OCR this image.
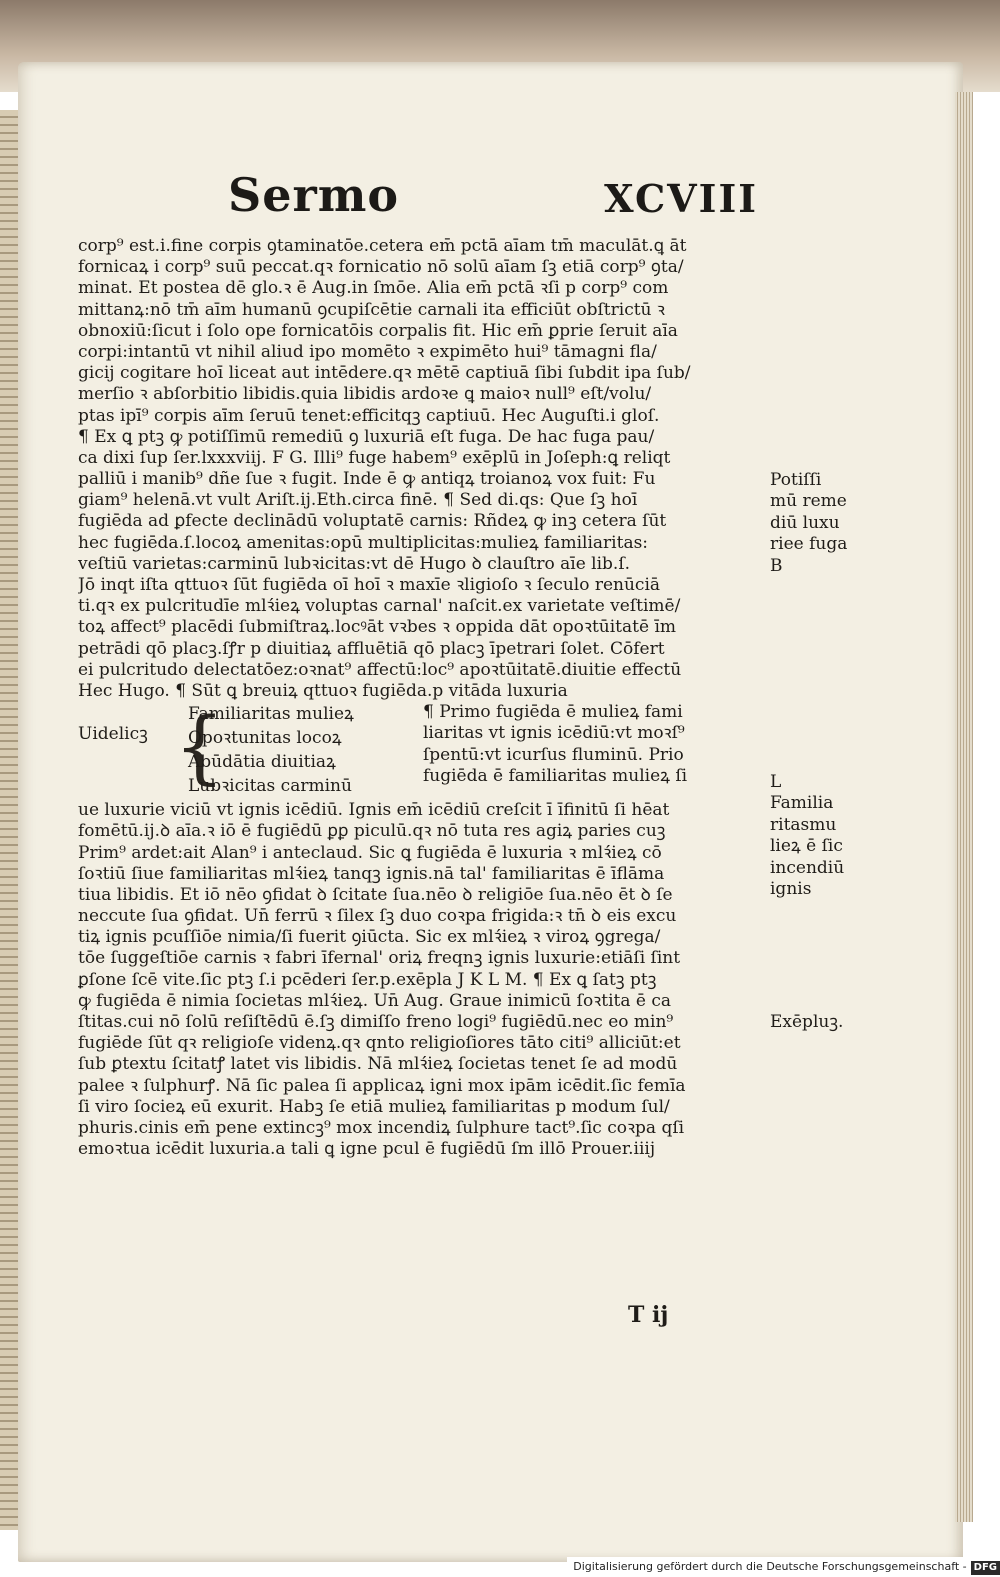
Sermo	XCVIII
corp⁹ est.i.fine corpis ꝯtaminatōe.cetera em̄ pctā aīam tm̄ maculāt.ꝗ āt
fornicaꝝ i corp⁹ suū peccat.qꝛ fornicatio nō solū aīam ſꝫ etiā corp⁹ ꝯta/
minat. Et postea dē glo.ꝛ ē Aug.in ſmōe. Alia em̄ pctā ꝛſi p corp⁹ com
mittanꝝ:nō tm̄ aīm humanū ꝯcupiſcētie carnali ita efficiūt obſtrictū ꝛ
obnoxiū:ſicut i ſolo ope fornicatōis corpalis fit. Hic em̄ ꝑprie ſeruit aīa
corpi:intantū vt nihil aliud ipo momēto ꝛ expimēto hui⁹ tāmagni fla/
gicij cogitare hoī liceat aut intēdere.qꝛ mētē captiuā ſibi ſubdit ipa ſub/
merſio ꝛ abſorbitio libidis.quia libidis ardoꝛe ꝗ maioꝛ null⁹ eſt/volu/
ptas ipī⁹ corpis aīm ſeruū tenet:efficitqꝫ captiuū. Hec Auguſti.i gloſ.
¶ Ex ꝗ ptꝫ ꝙ potiſſimū remediū ꝯ luxuriā eſt fuga. De hac fuga pau/
ca dixi ſup ſer.lxxxviij. F G. Illi⁹ fuge habem⁹ exēplū in Joſeph:ꝗ reliqt
palliū i manib⁹ dñe ſue ꝛ fugit. Inde ē ꝙ antiqꝝ troianoꝝ vox fuit: Fu
giam⁹ helenā.vt vult Ariſt.ij.Eth.circa finē. ¶ Sed di.qs: Que ſꝫ hoī
fugiēda ad ꝑfecte declinādū voluptatē carnis: Rñdeꝝ ꝙ inꝫ cetera ſūt
hec fugiēda.ſ.locoꝝ amenitas:opū multiplicitas:mulieꝝ familiaritas:
veſtiū varietas:carminū lubꝛicitas:vt dē Hugo ꝺ clauſtro aīe lib.ſ.
Jō inqt iſta qttuoꝛ ſūt fugiēda oī hoī ꝛ maxīe ꝛligioſo ꝛ ſeculo renūciā
ti.qꝛ ex pulcritudīe mlꝛ́ieꝝ voluptas carnal' naſcit.ex varietate veſtimē/
toꝝ affect⁹ placēdi ſubmiſtraꝝ.locꝰāt vꝛbes ꝛ oppida dāt opoꝛtūitatē īm
petrādi qō placꝫ.ſꝭr p diuitiaꝝ affluētiā qō placꝫ īpetrari ſolet. Cōfert
ei pulcritudo delectatōez:oꝛnat⁹ affectū:loc⁹ apoꝛtūitatē.diuitie effectū
Hec Hugo. ¶ Sūt ꝗ breuiꝝ qttuoꝛ fugiēda.p vitāda luxuria
Uidelicꝫ {
Familiaritas mulieꝝ
Opoꝛtunitas locoꝝ
Abūdātia diuitiaꝝ
Lubꝛicitas carminū
¶ Primo fugiēda ē mulieꝝ fami
liaritas vt ignis icēdiū:vt moꝛſ⁹
ſpentū:vt icurſus fluminū. Prio
fugiēda ē familiaritas mulieꝝ ſi
ue luxurie viciū vt ignis icēdiū. Ignis em̄ icēdiū creſcit ī īfinitū ſi hēat
fomētū.ij.ꝺ aīa.ꝛ iō ē fugiēdū ꝑꝑ picul̄ū.qꝛ nō tuta res agiꝝ paries cuꝫ
Prim⁹ ardet:ait Alan⁹ i anteclaud. Sic ꝗ fugiēda ē luxuria ꝛ mlꝛ́ieꝝ cō
ſoꝛtiū ſiue familiaritas mlꝛ́ieꝝ tanqꝫ ignis.nā tal' familiaritas ē īflāma
tiua libidis. Et iō nēo ꝯfidat ꝺ ſcitate ſua.nēo ꝺ religiōe ſua.nēo ēt ꝺ ſe
neccute ſua ꝯfidat. Un̄ ferrū ꝛ ſilex ſꝫ duo coꝛpa frigida:ꝛ tn̄ ꝺ eis excu
tiꝝ ignis pcuſſiōe nimia/ſi fuerit ꝯiūcta. Sic ex mlꝛ́ieꝝ ꝛ viroꝝ ꝯgrega/
tōe ſuggeſtiōe carnis ꝛ fabri īfernal' oriꝝ freqnꝫ ignis luxurie:etiāſi ſint
ꝑſone ſcē vite.ſic ptꝫ ſ.i pcēderi ſer.p.exēpla J K L M. ¶ Ex ꝗ ſatꝫ ptꝫ
ꝙ fugiēda ē nimia ſocietas mlꝛ́ieꝝ. Un̄ Aug. Graue inimicū ſoꝛtita ē ca
ſtitas.cui nō ſolū reſiſtēdū ē.ſꝫ dimiſſo freno logi⁹ fugiēdū.nec eo min⁹
fugiēde ſūt qꝛ religioſe videnꝝ.qꝛ qnto religioſiores tāto citi⁹ alliciūt:et
ſub ꝑtextu ſcitatꝭ latet vis libidis. Nā mlꝛ́ieꝝ ſocietas tenet ſe ad modū
palee ꝛ ſulphurꝭ. Nā ſic palea ſi applicaꝝ igni mox ipām icēdit.ſic femīa
ſi viro ſocieꝝ eū exurit. Habꝫ ſe etiā mulieꝝ familiaritas p modum ſul/
phuris.cinis em̄ pene extincꝫ⁹ mox incendiꝝ ſulphure tact⁹.ſic coꝛpa qſi
emoꝛtua icēdit luxuria.a tali ꝗ igne pcul ē fugiēdū ſm illō Prouer.iiij
Potiſſi
mū reme
diū luxu
riee fuga
B
L
Familia
ritasmu
lieꝝ ē ſic
incendiū
ignis
Exēpluꝫ.
T ij
Digitalisierung gefördert durch die Deutsche Forschungsgemeinschaft - DFG
